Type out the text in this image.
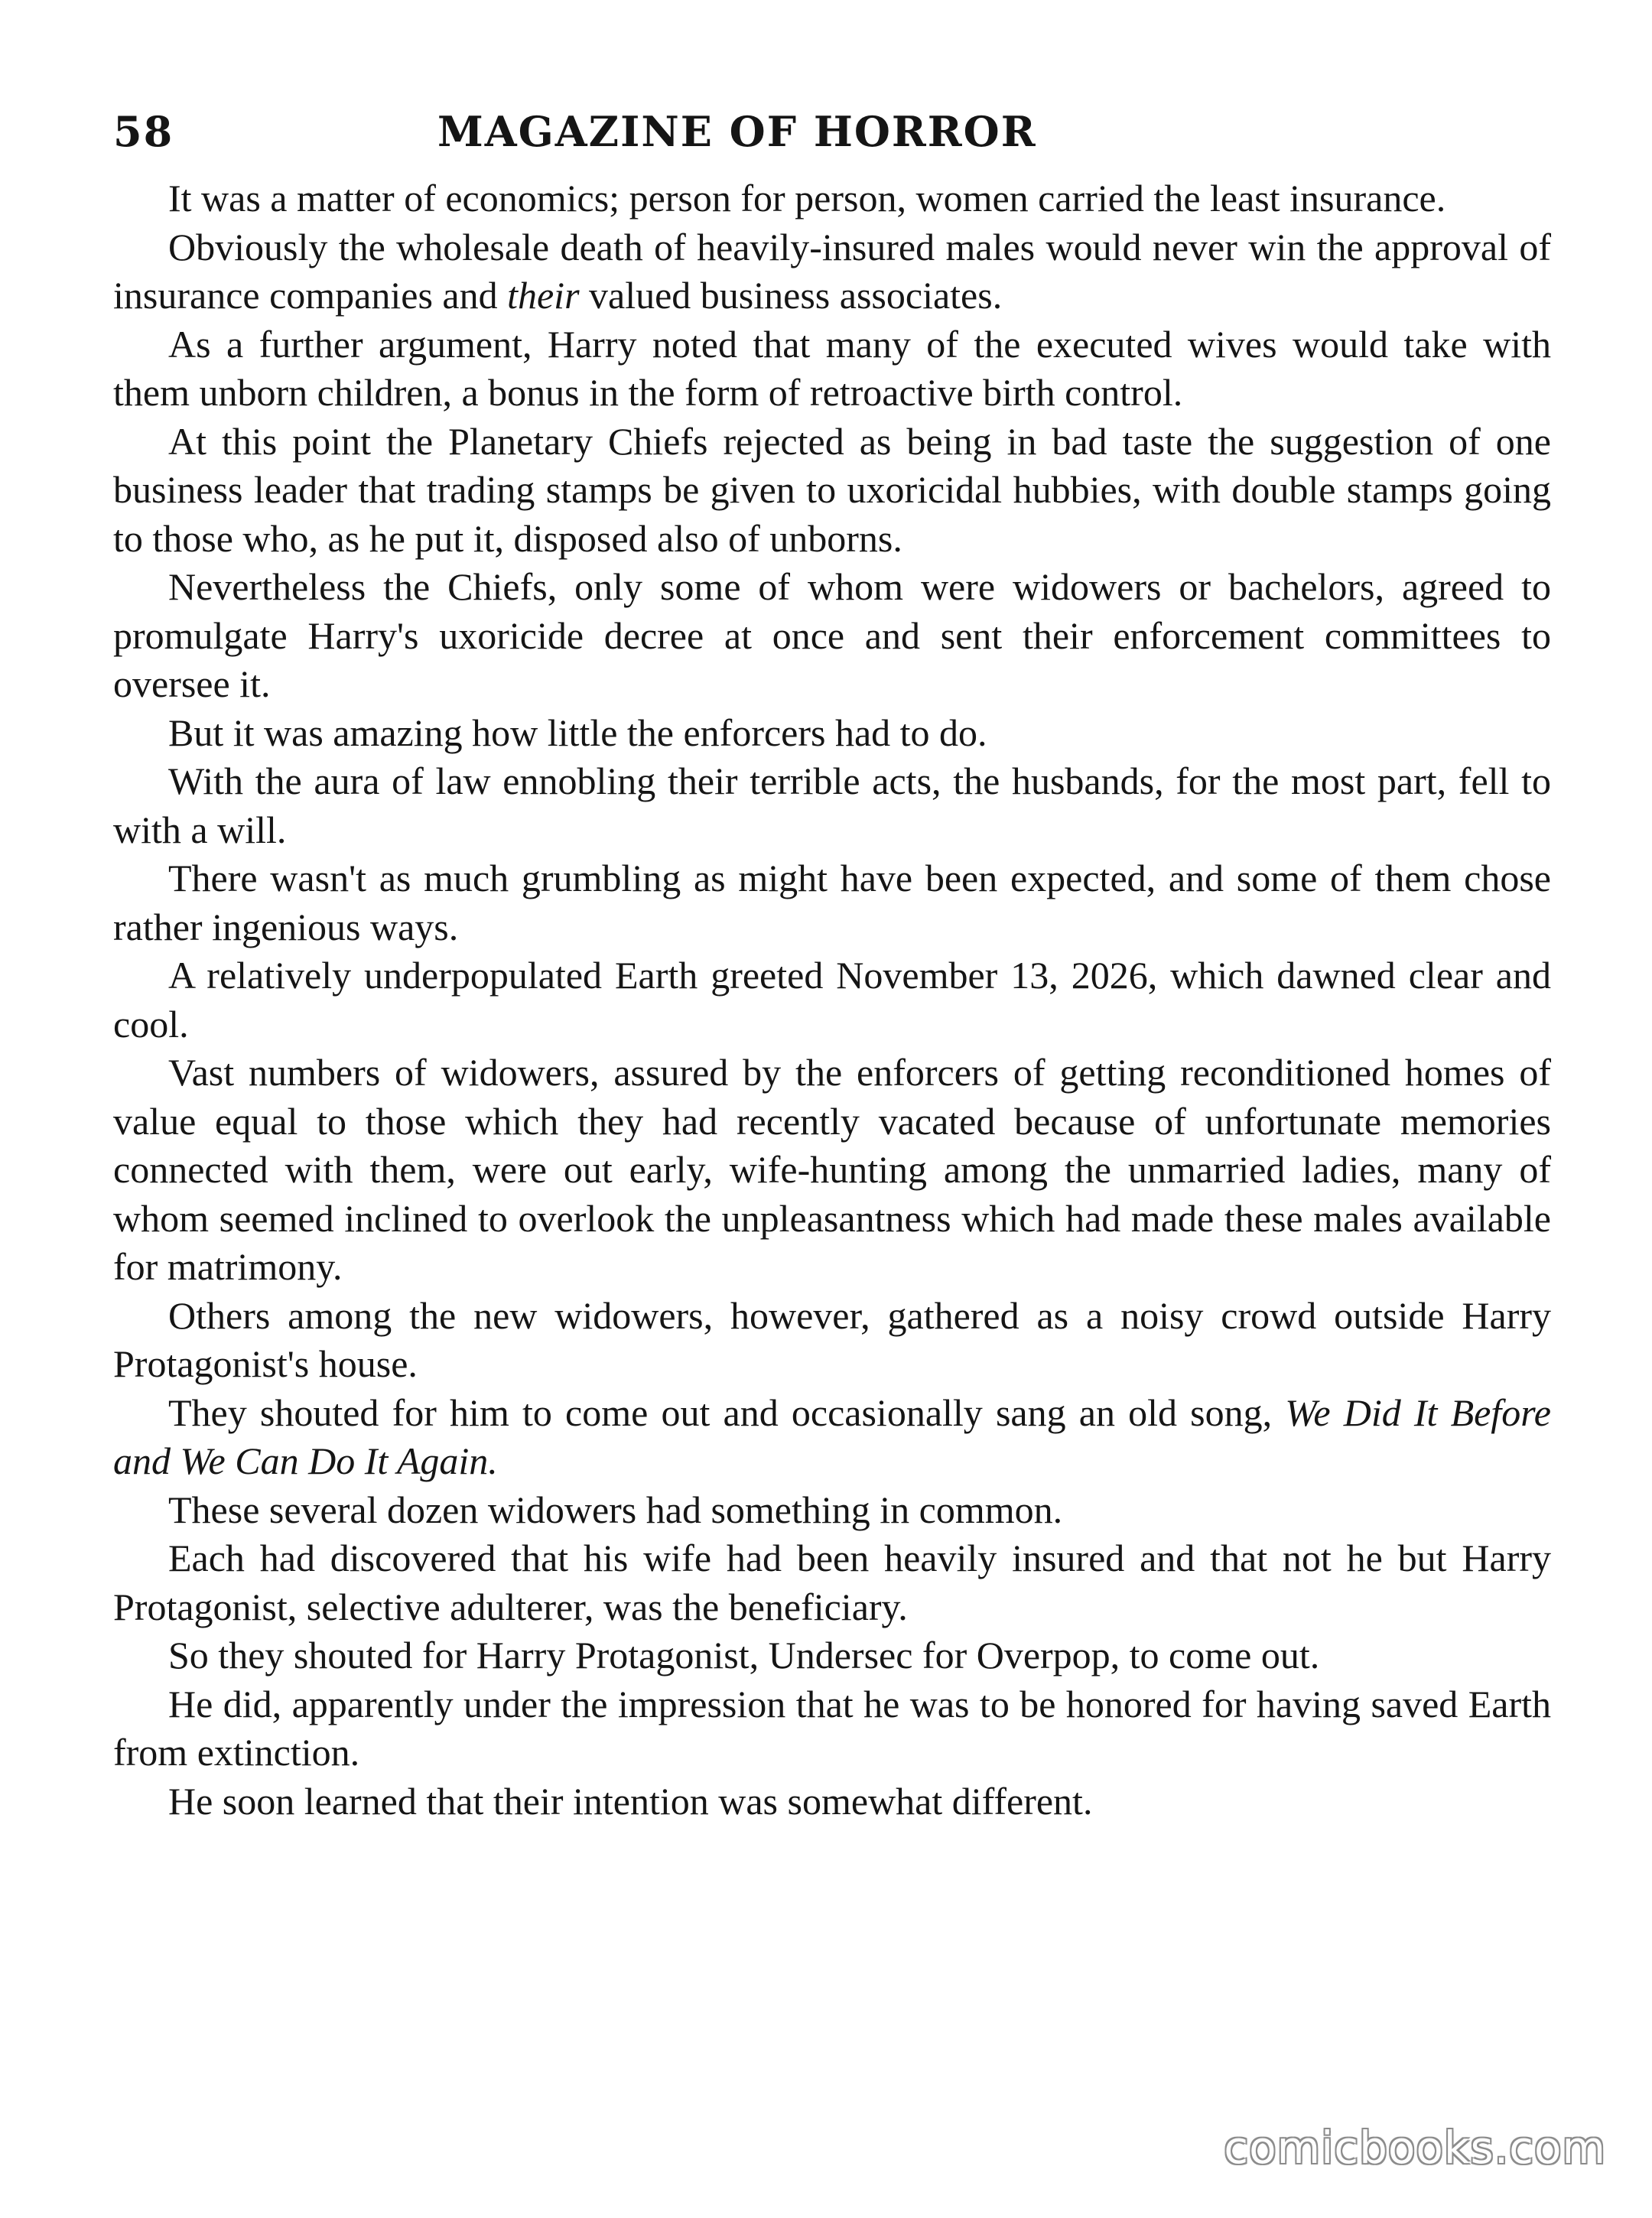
58	MAGAZINE OF HORROR

It was a matter of economics; person for person, women carried the least insurance.

Obviously the wholesale death of heavily-insured males would never win the approval of insurance companies and their valued business associates.

As a further argument, Harry noted that many of the executed wives would take with them unborn children, a bonus in the form of retroactive birth control.

At this point the Planetary Chiefs rejected as being in bad taste the suggestion of one business leader that trading stamps be given to uxoricidal hubbies, with double stamps going to those who, as he put it, disposed also of unborns.

Nevertheless the Chiefs, only some of whom were widowers or bachelors, agreed to promulgate Harry's uxoricide decree at once and sent their enforcement committees to oversee it.

But it was amazing how little the enforcers had to do.

With the aura of law ennobling their terrible acts, the husbands, for the most part, fell to with a will.

There wasn't as much grumbling as might have been expected, and some of them chose rather ingenious ways.

A relatively underpopulated Earth greeted November 13, 2026, which dawned clear and cool.

Vast numbers of widowers, assured by the enforcers of getting reconditioned homes of value equal to those which they had recently vacated because of unfortunate memories connected with them, were out early, wife-hunting among the unmarried ladies, many of whom seemed inclined to overlook the unpleasantness which had made these males available for matrimony.

Others among the new widowers, however, gathered as a noisy crowd outside Harry Protagonist's house.

They shouted for him to come out and occasionally sang an old song, We Did It Before and We Can Do It Again.

These several dozen widowers had something in common.

Each had discovered that his wife had been heavily insured and that not he but Harry Protagonist, selective adulterer, was the beneficiary.

So they shouted for Harry Protagonist, Undersec for Overpop, to come out.

He did, apparently under the impression that he was to be honored for having saved Earth from extinction.

He soon learned that their intention was somewhat different.

comicbooks.com
